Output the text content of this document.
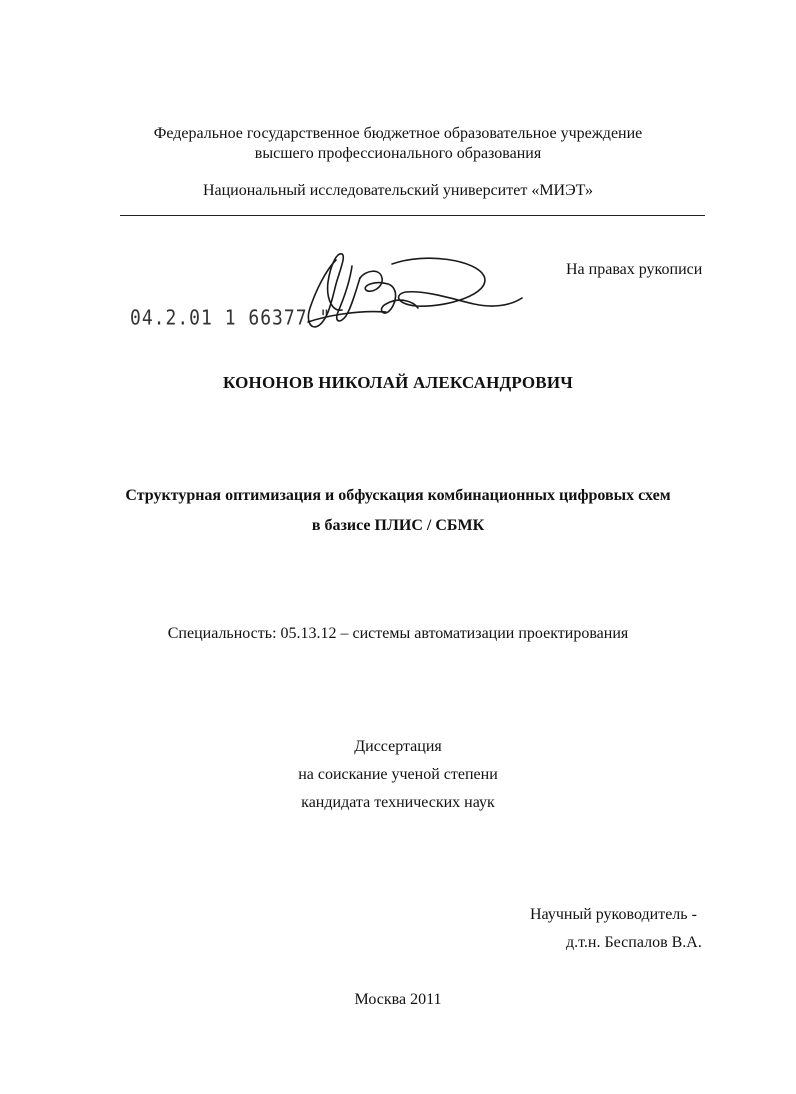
Федеральное государственное бюджетное образовательное учреждение
высшего профессионального образования
Национальный исследовательский университет «МИЭТ»
На правах рукописи
04.2.01 1 66377 "
КОНОНОВ НИКОЛАЙ АЛЕКСАНДРОВИЧ
Структурная оптимизация и обфускация комбинационных цифровых схем
в базисе ПЛИС / СБМК
Специальность: 05.13.12 – системы автоматизации проектирования
Диссертация
на соискание ученой степени
кандидата технических наук
Научный руководитель -
д.т.н. Беспалов В.А.
Москва 2011
